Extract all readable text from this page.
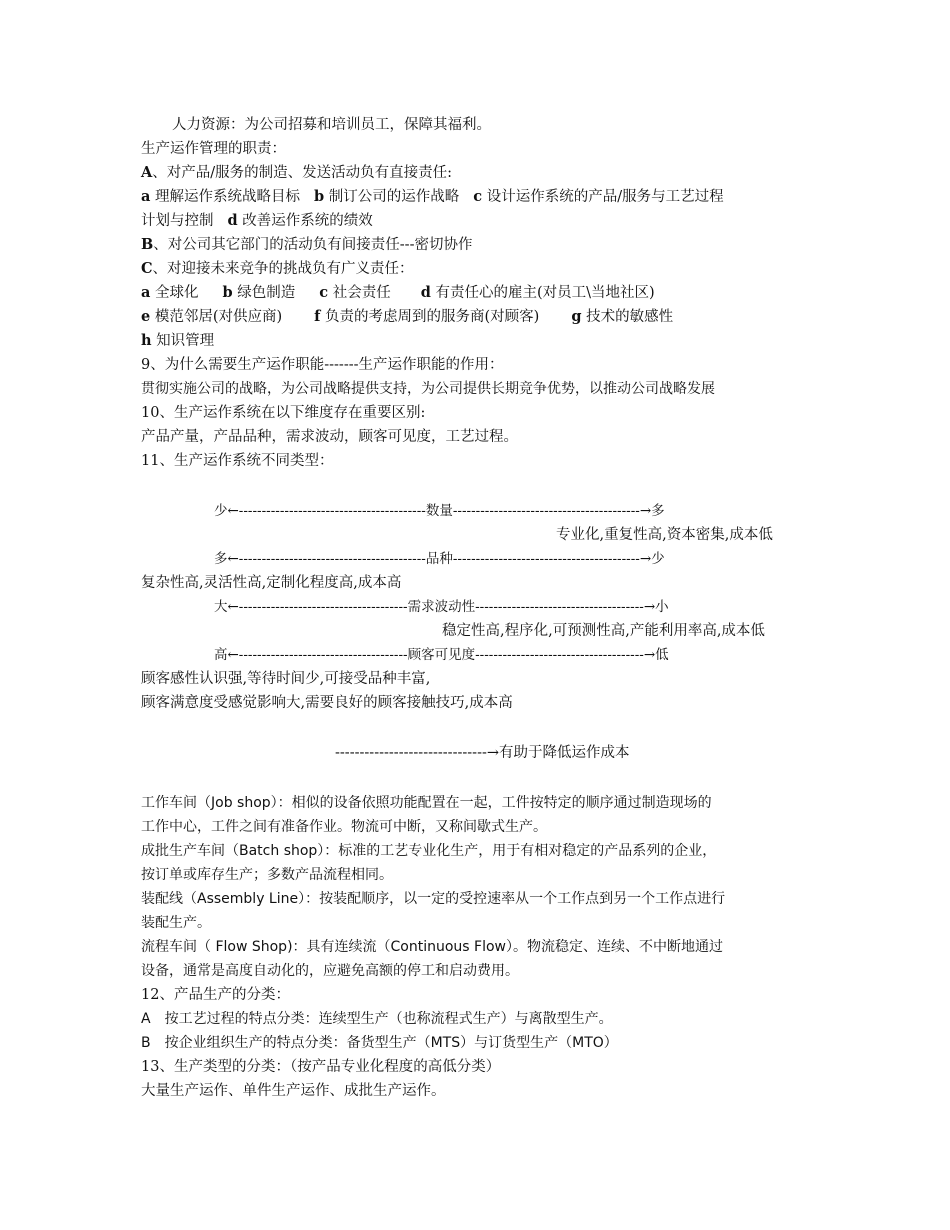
人力资源：为公司招募和培训员工，保障其福利。
生产运作管理的职责：
A、对产品/服务的制造、发送活动负有直接责任:
a 理解运作系统战略目标 b 制订公司的运作战略 c 设计运作系统的产品/服务与工艺过程
计划与控制 d 改善运作系统的绩效
B、对公司其它部门的活动负有间接责任---密切协作
C、对迎接未来竞争的挑战负有广义责任：
a 全球化 b 绿色制造 c 社会责任 d 有责任心的雇主(对员工\当地社区)
e 模范邻居(对供应商) f 负责的考虑周到的服务商(对顾客) g 技术的敏感性
h 知识管理
9、为什么需要生产运作职能-------生产运作职能的作用：
贯彻实施公司的战略，为公司战略提供支持，为公司提供长期竞争优势，以推动公司战略发展
10、生产运作系统在以下维度存在重要区别:
产品产量，产品品种，需求波动，顾客可见度，工艺过程。
11、生产运作系统不同类型：
少←-----------------------------------------数量-----------------------------------------→多
专业化,重复性高,资本密集,成本低
多←-----------------------------------------品种-----------------------------------------→少
复杂性高,灵活性高,定制化程度高,成本高
大←-------------------------------------需求波动性-------------------------------------→小
稳定性高,程序化,可预测性高,产能利用率高,成本低
高←-------------------------------------顾客可见度-------------------------------------→低
顾客感性认识强,等待时间少,可接受品种丰富,
顾客满意度受感觉影响大,需要良好的顾客接触技巧,成本高
-------------------------------→有助于降低运作成本
工作车间（Job shop）：相似的设备依照功能配置在一起，工件按特定的顺序通过制造现场的
工作中心，工件之间有准备作业。物流可中断，又称间歇式生产。
成批生产车间（Batch shop）：标准的工艺专业化生产，用于有相对稳定的产品系列的企业，
按订单或库存生产；多数产品流程相同。
装配线（Assembly Line）：按装配顺序，以一定的受控速率从一个工作点到另一个工作点进行
装配生产。
流程车间（ Flow Shop)：具有连续流（Continuous Flow）。物流稳定、连续、不中断地通过
设备，通常是高度自动化的，应避免高额的停工和启动费用。
12、产品生产的分类：
A 按工艺过程的特点分类：连续型生产（也称流程式生产）与离散型生产。
B 按企业组织生产的特点分类：备货型生产（MTS）与订货型生产（MTO）
13、生产类型的分类：（按产品专业化程度的高低分类）
大量生产运作、单件生产运作、成批生产运作。
